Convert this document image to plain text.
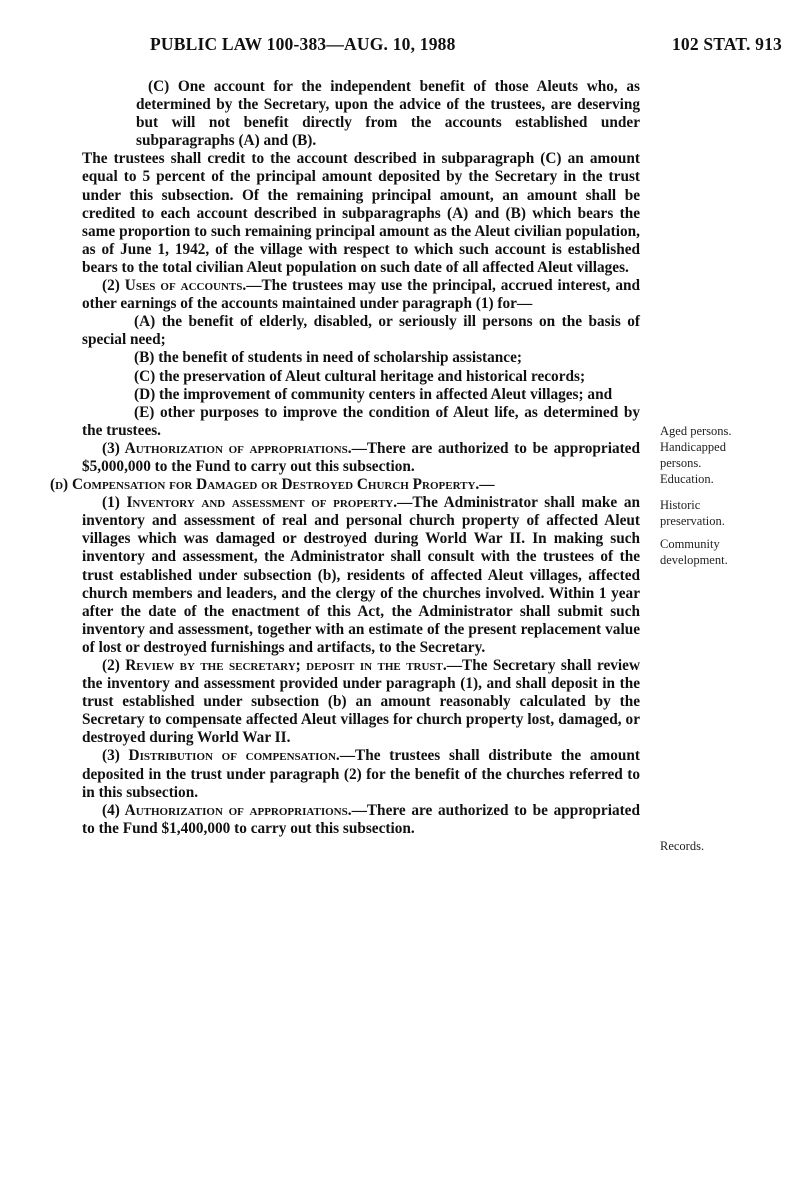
PUBLIC LAW 100-383—AUG. 10, 1988	102 STAT. 913

(C) One account for the independent benefit of those Aleuts who, as determined by the Secretary, upon the advice of the trustees, are deserving but will not benefit directly from the accounts established under subparagraphs (A) and (B).

The trustees shall credit to the account described in subparagraph (C) an amount equal to 5 percent of the principal amount deposited by the Secretary in the trust under this subsection. Of the remaining principal amount, an amount shall be credited to each account described in subparagraphs (A) and (B) which bears the same proportion to such remaining principal amount as the Aleut civilian population, as of June 1, 1942, of the village with respect to which such account is established bears to the total civilian Aleut population on such date of all affected Aleut villages.

(2) Uses of accounts.—The trustees may use the principal, accrued interest, and other earnings of the accounts maintained under paragraph (1) for—

(A) the benefit of elderly, disabled, or seriously ill persons on the basis of special need;

(B) the benefit of students in need of scholarship assistance;

(C) the preservation of Aleut cultural heritage and historical records;

(D) the improvement of community centers in affected Aleut villages; and

(E) other purposes to improve the condition of Aleut life, as determined by the trustees.

(3) Authorization of appropriations.—There are authorized to be appropriated $5,000,000 to the Fund to carry out this subsection.

(d) Compensation for Damaged or Destroyed Church Property.—

(1) Inventory and assessment of property.—The Administrator shall make an inventory and assessment of real and personal church property of affected Aleut villages which was damaged or destroyed during World War II. In making such inventory and assessment, the Administrator shall consult with the trustees of the trust established under subsection (b), residents of affected Aleut villages, affected church members and leaders, and the clergy of the churches involved. Within 1 year after the date of the enactment of this Act, the Administrator shall submit such inventory and assessment, together with an estimate of the present replacement value of lost or destroyed furnishings and artifacts, to the Secretary.

(2) Review by the secretary; deposit in the trust.—The Secretary shall review the inventory and assessment provided under paragraph (1), and shall deposit in the trust established under subsection (b) an amount reasonably calculated by the Secretary to compensate affected Aleut villages for church property lost, damaged, or destroyed during World War II.

(3) Distribution of compensation.—The trustees shall distribute the amount deposited in the trust under paragraph (2) for the benefit of the churches referred to in this subsection.

(4) Authorization of appropriations.—There are authorized to be appropriated to the Fund $1,400,000 to carry out this subsection.

Aged persons.

Handicapped persons.

Education.

Historic preservation.

Community development.

Records.
